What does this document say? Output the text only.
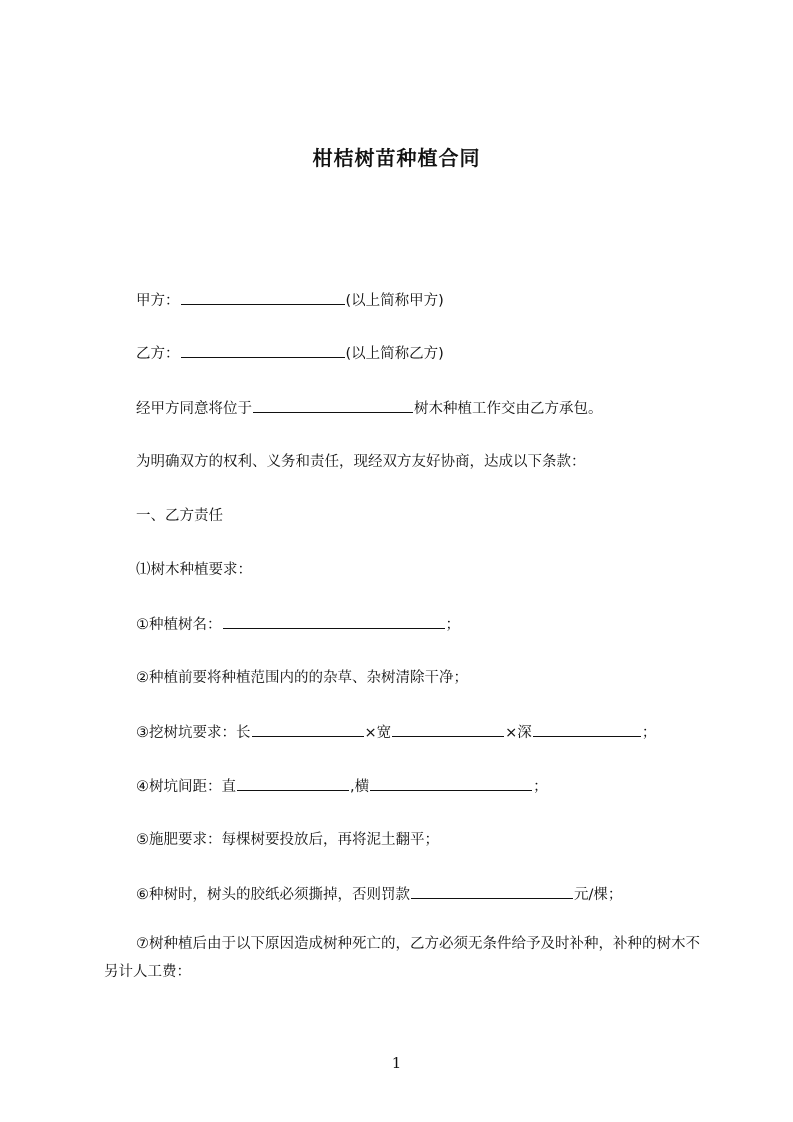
柑桔树苗种植合同
甲方：	(以上简称甲方)
乙方：	(以上简称乙方)
经甲方同意将位于	树木种植工作交由乙方承包。
为明确双方的权利、义务和责任，现经双方友好协商，达成以下条款：
一、乙方责任
⑴树木种植要求：
①种植树名：	；
②种植前要将种植范围内的的杂草、杂树清除干净；
③挖树坑要求：长	×宽	×深	；
④树坑间距：直	,横	；
⑤施肥要求：每棵树要投放后，再将泥土翻平；
⑥种树时，树头的胶纸必须撕掉，否则罚款	元/棵；
⑦树种植后由于以下原因造成树种死亡的，乙方必须无条件给予及时补种，补种的树木不另计人工费：
1
